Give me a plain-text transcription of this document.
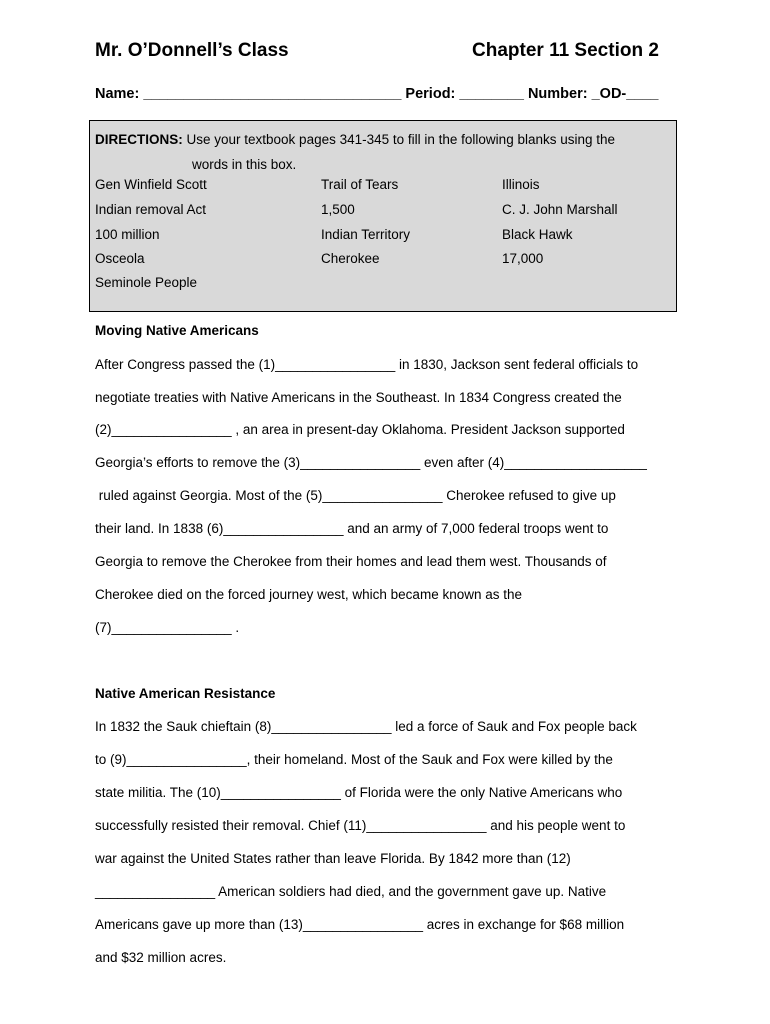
Mr. O’Donnell’s Class	Chapter 11 Section 2
Name: ________________________________ Period: ________ Number: _OD-____
DIRECTIONS: Use your textbook pages 341-345 to fill in the following blanks using the
words in this box.
Gen Winfield Scott
Indian removal Act
100 million
Osceola
Seminole People
Trail of Tears
1,500
Indian Territory
Cherokee
Illinois
C. J. John Marshall
Black Hawk
17,000
Moving Native Americans
After Congress passed the (1)________________ in 1830, Jackson sent federal officials to
negotiate treaties with Native Americans in the Southeast. In 1834 Congress created the
(2)________________ , an area in present-day Oklahoma. President Jackson supported
Georgia’s efforts to remove the (3)________________ even after (4)___________________
ruled against Georgia. Most of the (5)________________ Cherokee refused to give up
their land. In 1838 (6)________________ and an army of 7,000 federal troops went to
Georgia to remove the Cherokee from their homes and lead them west. Thousands of
Cherokee died on the forced journey west, which became known as the
(7)________________ .
Native American Resistance
In 1832 the Sauk chieftain (8)________________ led a force of Sauk and Fox people back
to (9)________________, their homeland. Most of the Sauk and Fox were killed by the
state militia. The (10)________________ of Florida were the only Native Americans who
successfully resisted their removal. Chief (11)________________ and his people went to
war against the United States rather than leave Florida. By 1842 more than (12)
________________ American soldiers had died, and the government gave up. Native
Americans gave up more than (13)________________ acres in exchange for $68 million
and $32 million acres.
